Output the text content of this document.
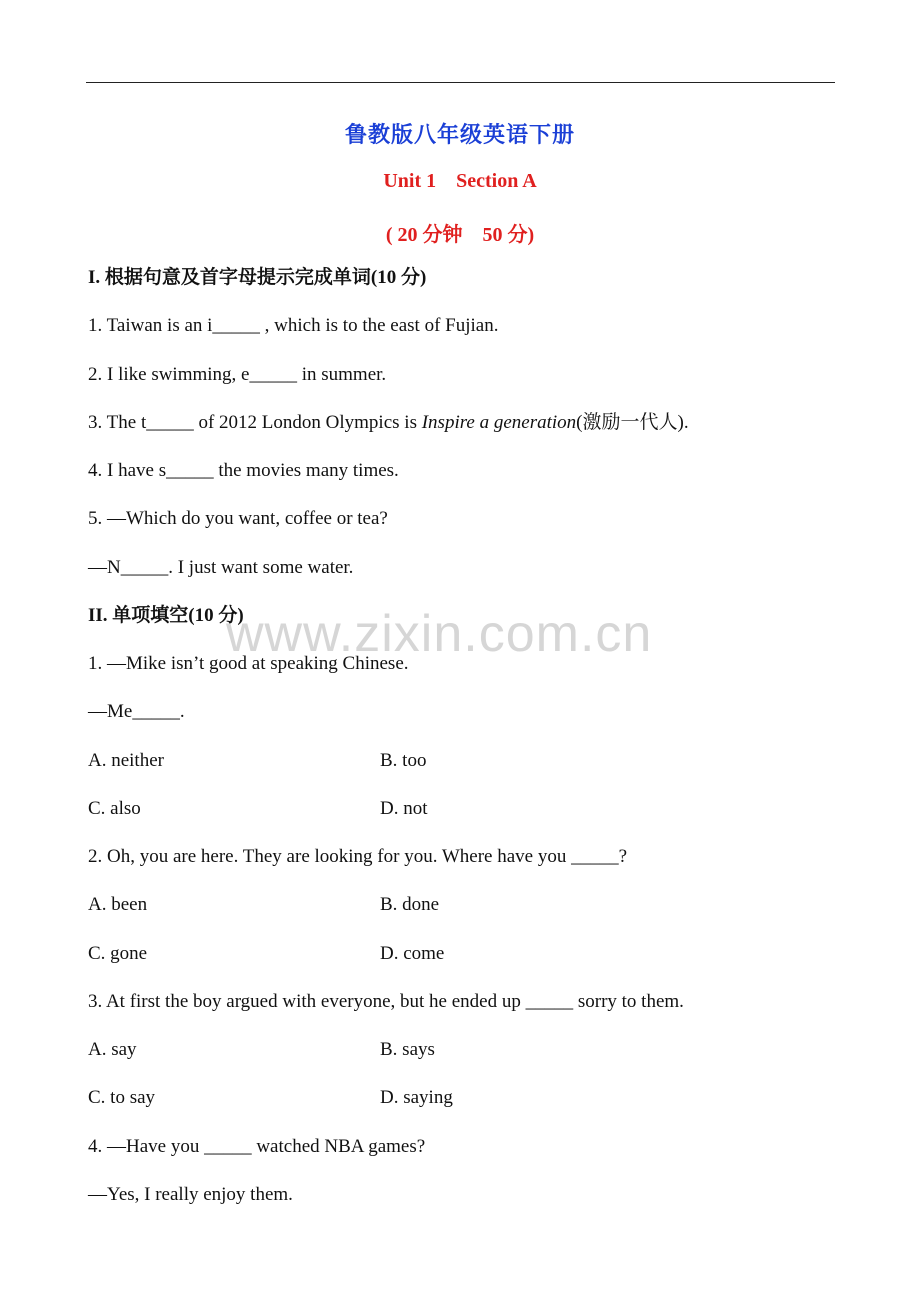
鲁教版八年级英语下册
Unit 1    Section A
( 20 分钟    50 分)
I. 根据句意及首字母提示完成单词(10 分)
1. Taiwan is an i_____ , which is to the east of Fujian.
2. I like swimming, e_____ in summer.
3. The t_____ of 2012 London Olympics is Inspire a generation(激励一代人).
4. I have s_____ the movies many times.
5. —Which do you want, coffee or tea?
—N_____. I just want some water.
II. 单项填空(10 分)
1. —Mike isn’t good at speaking Chinese.
—Me_____.
A. neither	B. too
C. also	D. not
2. Oh, you are here. They are looking for you. Where have you _____?
A. been	B. done
C. gone	D. come
3. At first the boy argued with everyone, but he ended up _____ sorry to them.
A. say	B. says
C. to say	D. saying
4. —Have you _____ watched NBA games?
—Yes, I really enjoy them.
www.zixin.com.cn
